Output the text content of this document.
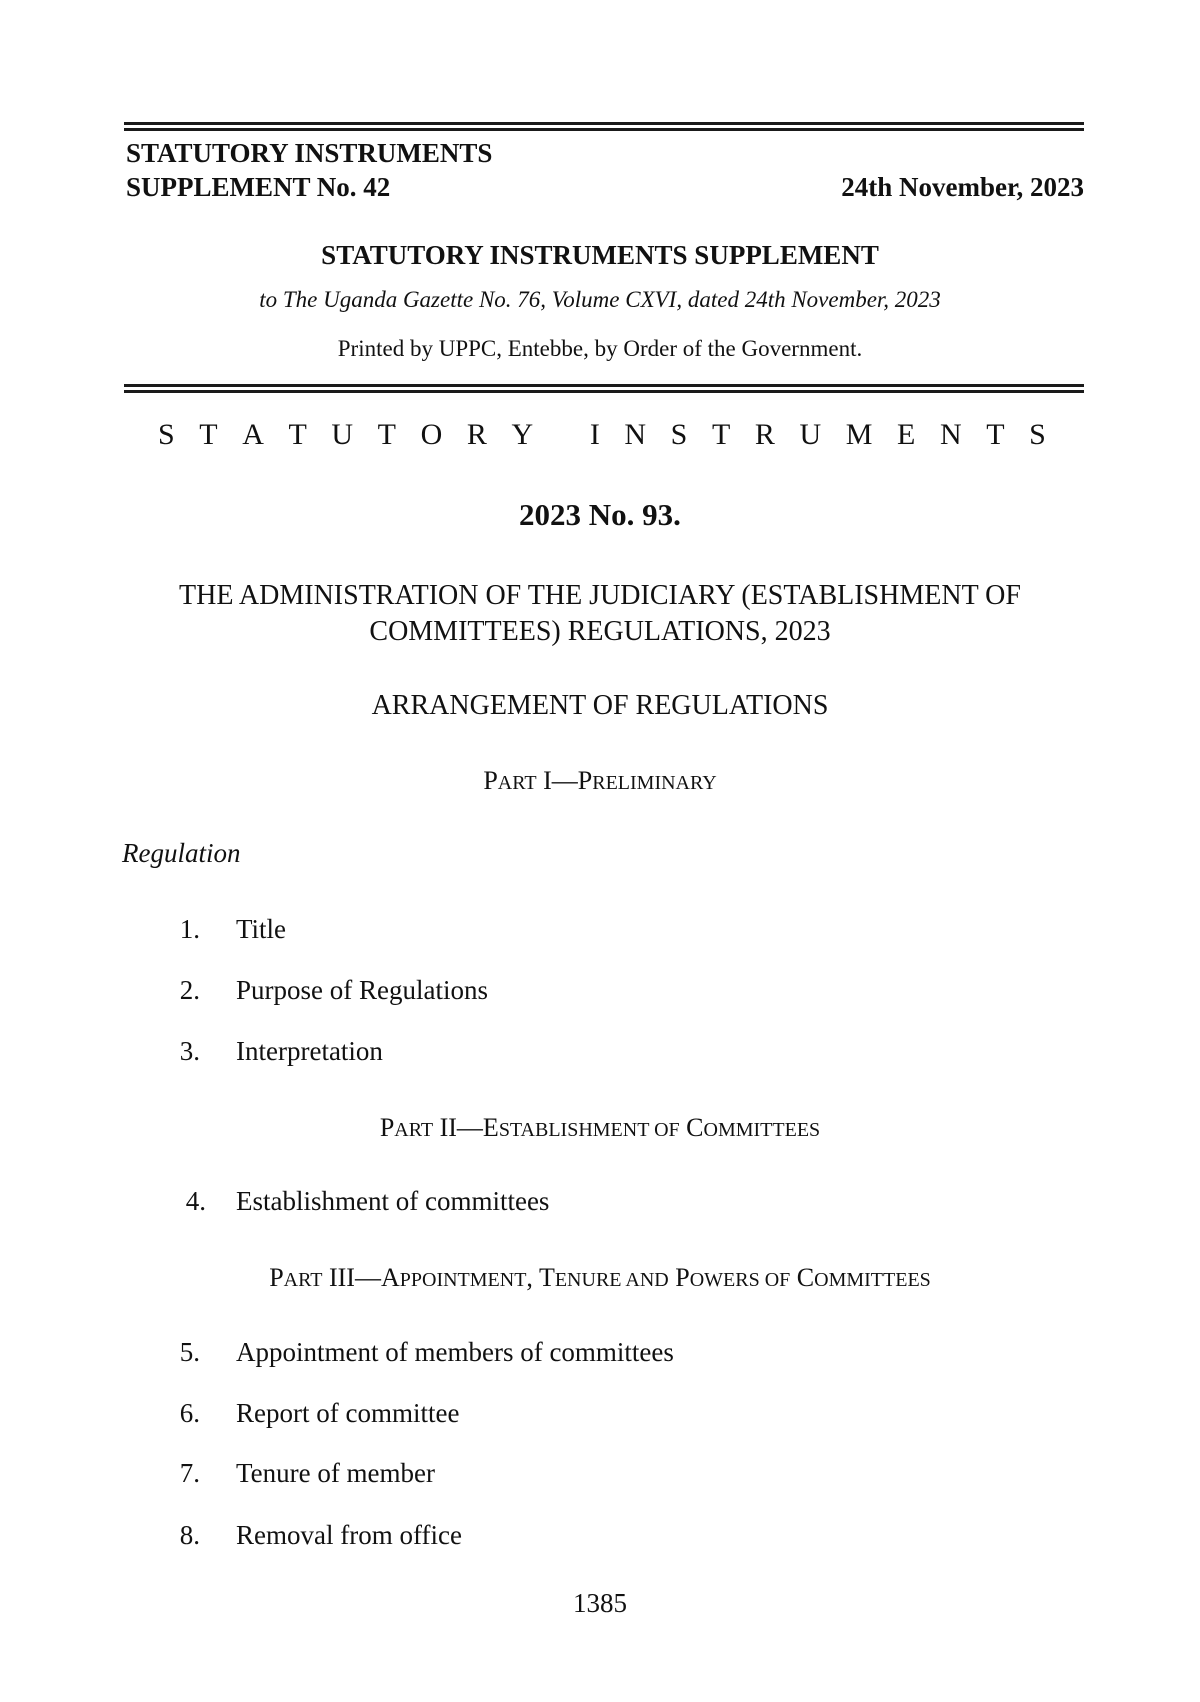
STATUTORY INSTRUMENTS
SUPPLEMENT No. 42	24th November, 2023
STATUTORY INSTRUMENTS SUPPLEMENT
to The Uganda Gazette No. 76, Volume CXVI, dated 24th November, 2023
Printed by UPPC, Entebbe, by Order of the Government.
S T A T U T O R Y
I N S T R U M E N T S
2023 No. 93.
THE ADMINISTRATION OF THE JUDICIARY (ESTABLISHMENT OF
COMMITTEES) REGULATIONS, 2023
ARRANGEMENT OF REGULATIONS
PART I—PRELIMINARY
Regulation
1. Title
2. Purpose of Regulations
3. Interpretation
PART II—ESTABLISHMENT OF COMMITTEES
4. Establishment of committees
PART III—APPOINTMENT, TENURE AND POWERS OF COMMITTEES
5. Appointment of members of committees
6. Report of committee
7. Tenure of member
8. Removal from office
1385
